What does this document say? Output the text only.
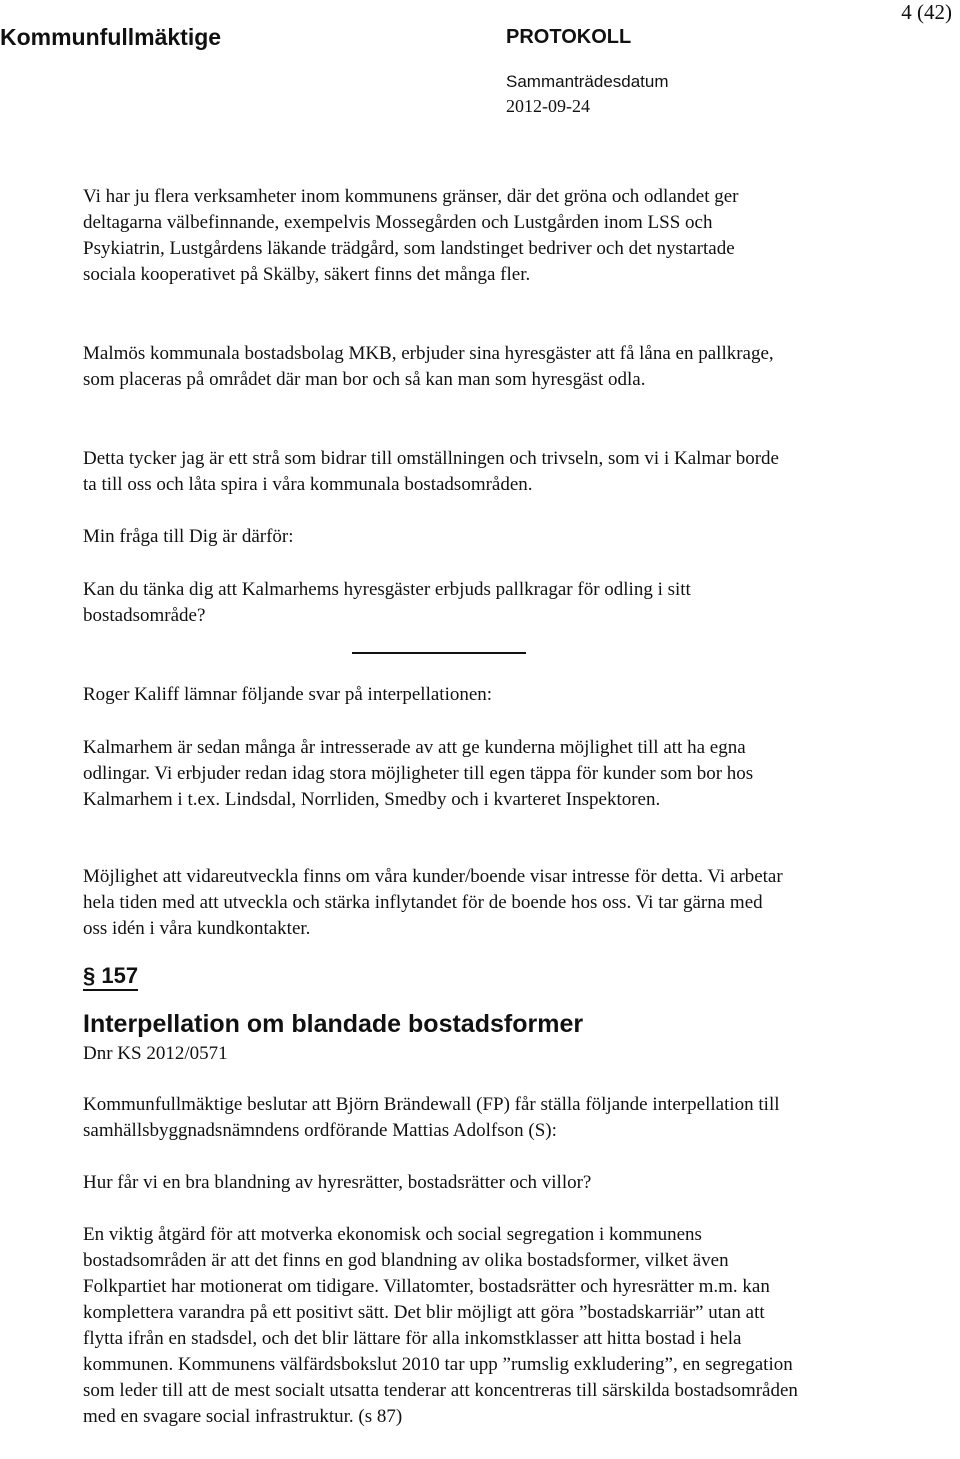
4 (42)
Kommunfullmäktige	PROTOKOLL
Sammanträdesdatum
2012-09-24

Vi har ju flera verksamheter inom kommunens gränser, där det gröna och odlandet ger deltagarna välbefinnande, exempelvis Mossegården och Lustgården inom LSS och Psykiatrin, Lustgårdens läkande trädgård, som landstinget bedriver och det nystartade sociala kooperativet på Skälby, säkert finns det många fler.

Malmös kommunala bostadsbolag MKB, erbjuder sina hyresgäster att få låna en pallkrage, som placeras på området där man bor och så kan man som hyresgäst odla.

Detta tycker jag är ett strå som bidrar till omställningen och trivseln, som vi i Kalmar borde ta till oss och låta spira i våra kommunala bostadsområden.

Min fråga till Dig är därför:

Kan du tänka dig att Kalmarhems hyresgäster erbjuds pallkragar för odling i sitt bostadsområde?

Roger Kaliff lämnar följande svar på interpellationen:

Kalmarhem är sedan många år intresserade av att ge kunderna möjlighet till att ha egna odlingar. Vi erbjuder redan idag stora möjligheter till egen täppa för kunder som bor hos Kalmarhem i t.ex. Lindsdal, Norrliden, Smedby och i kvarteret Inspektoren.

Möjlighet att vidareutveckla finns om våra kunder/boende visar intresse för detta. Vi arbetar hela tiden med att utveckla och stärka inflytandet för de boende hos oss. Vi tar gärna med oss idén i våra kundkontakter.

§ 157
Interpellation om blandade bostadsformer
Dnr KS 2012/0571

Kommunfullmäktige beslutar att Björn Brändewall (FP) får ställa följande interpellation till samhällsbyggnadsnämndens ordförande Mattias Adolfson (S):

Hur får vi en bra blandning av hyresrätter, bostadsrätter och villor?

En viktig åtgärd för att motverka ekonomisk och social segregation i kommunens bostadsområden är att det finns en god blandning av olika bostadsformer, vilket även Folkpartiet har motionerat om tidigare. Villatomter, bostadsrätter och hyresrätter m.m. kan komplettera varandra på ett positivt sätt. Det blir möjligt att göra ”bostadskarriär” utan att flytta ifrån en stadsdel, och det blir lättare för alla inkomstklasser att hitta bostad i hela kommunen. Kommunens välfärdsbokslut 2010 tar upp ”rumslig exkludering”, en segregation som leder till att de mest socialt utsatta tenderar att koncentreras till särskilda bostadsområden med en svagare social infrastruktur. (s 87)
